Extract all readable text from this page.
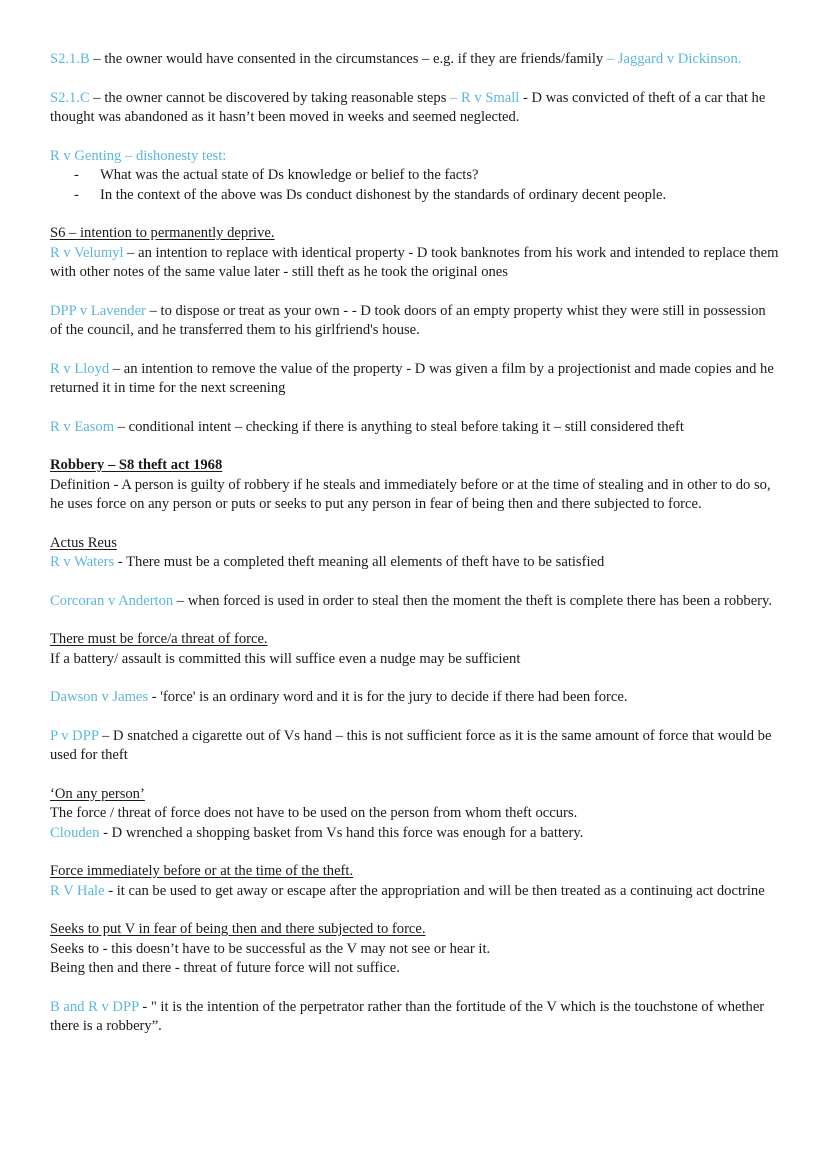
S2.1.B – the owner would have consented in the circumstances – e.g. if they are friends/family – Jaggard v Dickinson.

S2.1.C – the owner cannot be discovered by taking reasonable steps – R v Small - D was convicted of theft of a car that he thought was abandoned as it hasn’t been moved in weeks and seemed neglected.

R v Genting – dishonesty test:

- What was the actual state of Ds knowledge or belief to the facts?
- In the context of the above was Ds conduct dishonest by the standards of ordinary decent people.

S6 – intention to permanently deprive.

R v Velumyl – an intention to replace with identical property - D took banknotes from his work and intended to replace them with other notes of the same value later - still theft as he took the original ones

DPP v Lavender – to dispose or treat as your own - - D took doors of an empty property whist they were still in possession of the council, and he transferred them to his girlfriend's house.

R v Lloyd – an intention to remove the value of the property - D was given a film by a projectionist and made copies and he returned it in time for the next screening

R v Easom – conditional intent – checking if there is anything to steal before taking it – still considered theft

Robbery – S8 theft act 1968

Definition - A person is guilty of robbery if he steals and immediately before or at the time of stealing and in other to do so, he uses force on any person or puts or seeks to put any person in fear of being then and there subjected to force.

Actus Reus

R v Waters - There must be a completed theft meaning all elements of theft have to be satisfied

Corcoran v Anderton – when forced is used in order to steal then the moment the theft is complete there has been a robbery.

There must be force/a threat of force.

If a battery/ assault is committed this will suffice even a nudge may be sufficient

Dawson v James - 'force' is an ordinary word and it is for the jury to decide if there had been force.

P v DPP – D snatched a cigarette out of Vs hand – this is not sufficient force as it is the same amount of force that would be used for theft

‘On any person’

The force / threat of force does not have to be used on the person from whom theft occurs.

Clouden - D wrenched a shopping basket from Vs hand this force was enough for a battery.

Force immediately before or at the time of the theft.

R V Hale - it can be used to get away or escape after the appropriation and will be then treated as a continuing act doctrine

Seeks to put V in fear of being then and there subjected to force.

Seeks to - this doesn’t have to be successful as the V may not see or hear it.

Being then and there - threat of future force will not suffice.

B and R v DPP - " it is the intention of the perpetrator rather than the fortitude of the V which is the touchstone of whether there is a robbery”.
